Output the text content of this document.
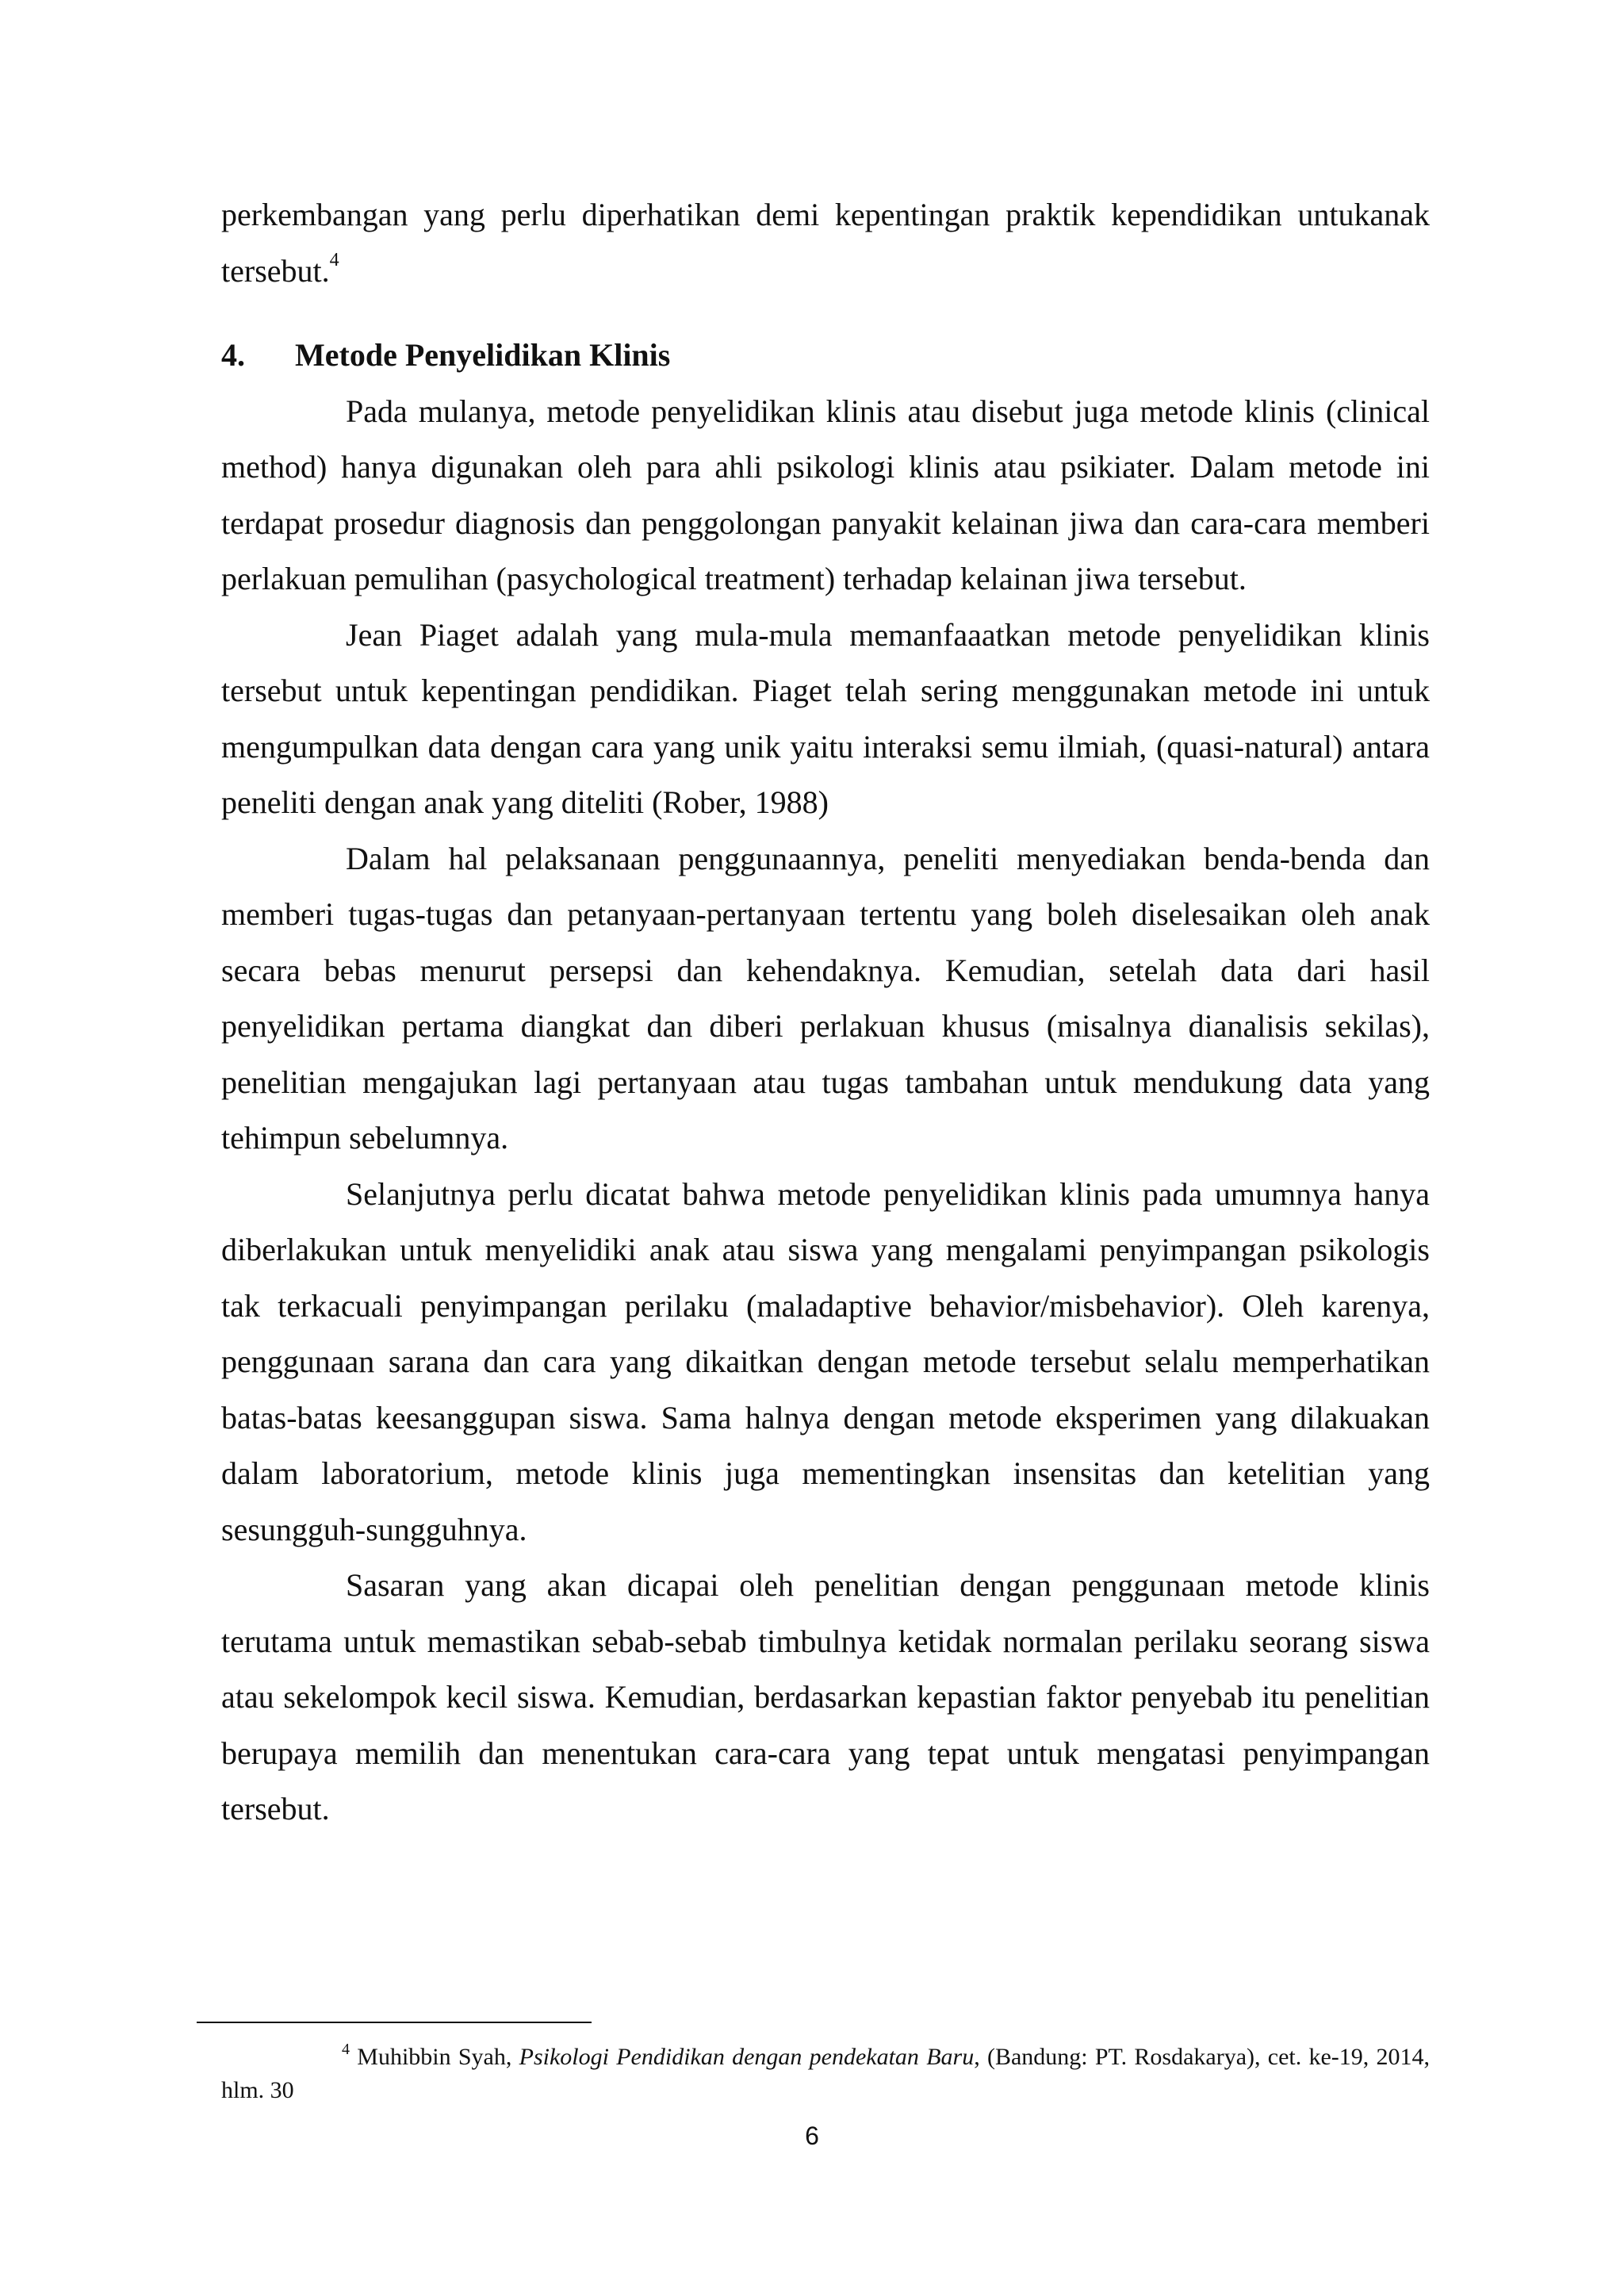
perkembangan yang perlu diperhatikan demi kepentingan praktik kependidikan untukanak tersebut.$^4$

4. Metode Penyelidikan Klinis

Pada mulanya, metode penyelidikan klinis atau disebut juga metode klinis (clinical method) hanya digunakan oleh para ahli psikologi klinis atau psikiater. Dalam metode ini terdapat prosedur diagnosis dan penggolongan panyakit kelainan jiwa dan cara-cara memberi perlakuan pemulihan (pasychological treatment) terhadap kelainan jiwa tersebut.

Jean Piaget adalah yang mula-mula memanfaaatkan metode penyelidikan klinis tersebut untuk kepentingan pendidikan. Piaget telah sering menggunakan metode ini untuk mengumpulkan data dengan cara yang unik yaitu interaksi semu ilmiah, (quasi-natural) antara peneliti dengan anak yang diteliti (Rober, 1988)

Dalam hal pelaksanaan penggunaannya, peneliti menyediakan benda-benda dan memberi tugas-tugas dan petanyaan-pertanyaan tertentu yang boleh diselesaikan oleh anak secara bebas menurut persepsi dan kehendaknya. Kemudian, setelah data dari hasil penyelidikan pertama diangkat dan diberi perlakuan khusus (misalnya dianalisis sekilas), penelitian mengajukan lagi pertanyaan atau tugas tambahan untuk mendukung data yang tehimpun sebelumnya.

Selanjutnya perlu dicatat bahwa metode penyelidikan klinis pada umumnya hanya diberlakukan untuk menyelidiki anak atau siswa yang mengalami penyimpangan psikologis tak terkacuali penyimpangan perilaku (maladaptive behavior/misbehavior). Oleh karenya, penggunaan sarana dan cara yang dikaitkan dengan metode tersebut selalu memperhatikan batas-batas keesanggupan siswa. Sama halnya dengan metode eksperimen yang dilakuakan dalam laboratorium, metode klinis juga mementingkan insensitas dan ketelitian yang sesungguh-sungguhnya.

Sasaran yang akan dicapai oleh penelitian dengan penggunaan metode klinis terutama untuk memastikan sebab-sebab timbulnya ketidak normalan perilaku seorang siswa atau sekelompok kecil siswa. Kemudian, berdasarkan kepastian faktor penyebab itu penelitian berupaya memilih dan menentukan cara-cara yang tepat untuk mengatasi penyimpangan tersebut.

$^4$ Muhibbin Syah, Psikologi Pendidikan dengan pendekatan Baru, (Bandung: PT. Rosdakarya), cet. ke-19, 2014, hlm. 30
6
